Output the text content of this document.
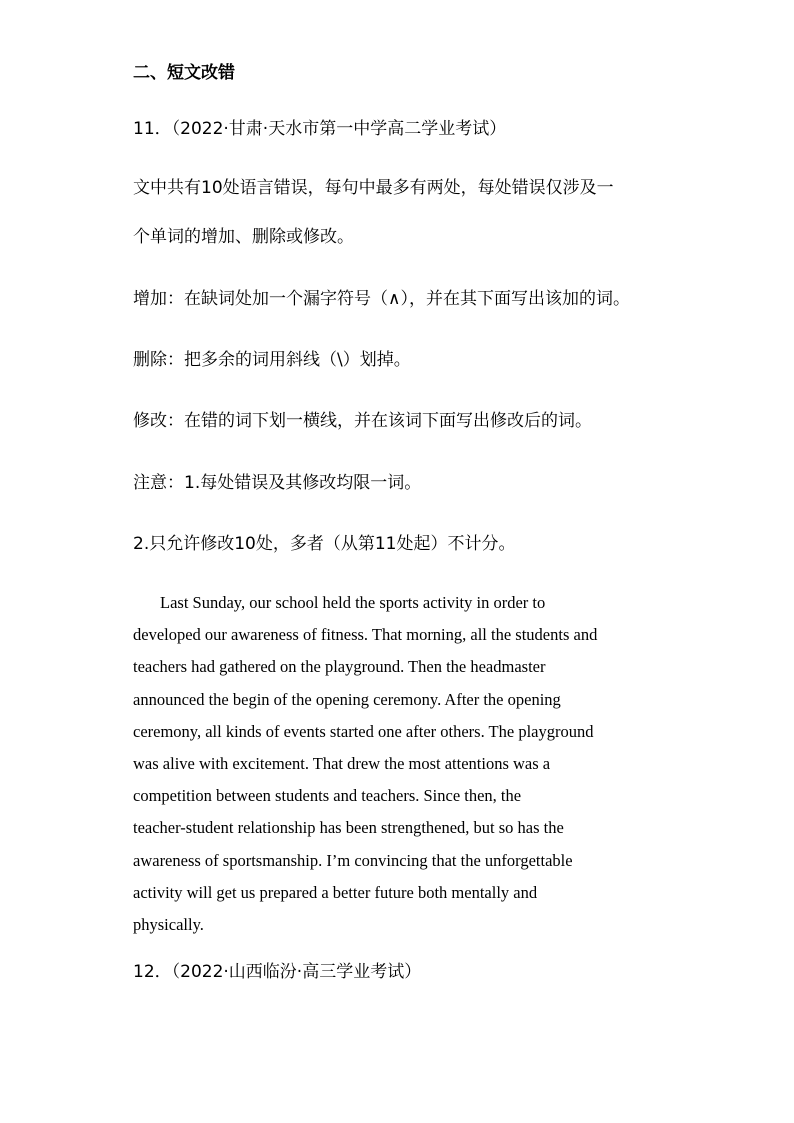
二、短文改错
11．（2022·甘肃·天水市第一中学高二学业考试）
文中共有10处语言错误，每句中最多有两处，每处错误仅涉及一
个单词的增加、删除或修改。
增加：在缺词处加一个漏字符号（∧），并在其下面写出该加的词。
删除：把多余的词用斜线（\）划掉。
修改：在错的词下划一横线，并在该词下面写出修改后的词。
注意：1.每处错误及其修改均限一词。
2.只允许修改10处，多者（从第11处起）不计分。

Last Sunday, our school held the sports activity in order to
developed our awareness of fitness. That morning, all the students and
teachers had gathered on the playground. Then the headmaster
announced the begin of the opening ceremony. After the opening
ceremony, all kinds of events started one after others. The playground
was alive with excitement. That drew the most attentions was a
competition between students and teachers. Since then, the
teacher-student relationship has been strengthened, but so has the
awareness of sportsmanship. I’m convincing that the unforgettable
activity will get us prepared a better future both mentally and
physically.

12．（2022·山西临汾·高三学业考试）
